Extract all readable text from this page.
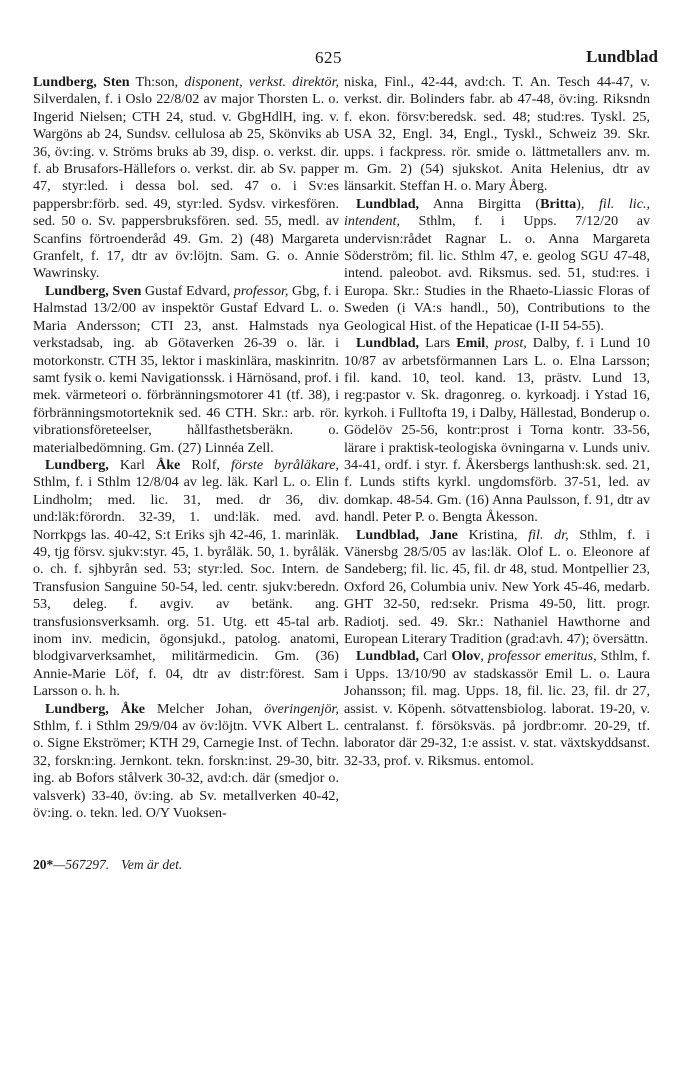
625	Lundblad

Lundberg, Sten Th:son, disponent, verkst. direktör, Silverdalen, f. i Oslo 22/8/02 av major Thorsten L. o. Ingerid Nielsen; CTH 24, stud. v. GbgHdlH, ing. v. Wargöns ab 24, Sundsv. cellulosa ab 25, Skönviks ab 36, öv:ing. v. Ströms bruks ab 39, disp. o. verkst. dir. f. ab Brusafors-Hällefors o. verkst. dir. ab Sv. papper 47, styr:led. i dessa bol. sed. 47 o. i Sv:es pappersbr:förb. sed. 49, styr:led. Sydsv. virkesfören. sed. 50 o. Sv. pappersbruksfören. sed. 55, medl. av Scanfins förtroenderåd 49. Gm. 2) (48) Margareta Granfelt, f. 17, dtr av öv:löjtn. Sam. G. o. Annie Wawrinsky.

Lundberg, Sven Gustaf Edvard, professor, Gbg, f. i Halmstad 13/2/00 av inspektör Gustaf Edvard L. o. Maria Andersson; CTI 23, anst. Halmstads nya verkstadsab, ing. ab Götaverken 26-39 o. lär. i motorkonstr. CTH 35, lektor i maskinlära, maskinritn. samt fysik o. kemi Navigationssk. i Härnösand, prof. i mek. värmeteori o. förbränningsmotorer 41 (tf. 38), i förbränningsmotorteknik sed. 46 CTH. Skr.: arb. rör. vibrationsföreteelser, hållfasthetsberäkn. o. materialbedömning. Gm. (27) Linnéa Zell.

Lundberg, Karl Åke Rolf, förste byråläkare, Sthlm, f. i Sthlm 12/8/04 av leg. läk. Karl L. o. Elin Lindholm; med. lic. 31, med. dr 36, div. und:läk:förordn. 32-39, 1. und:läk. med. avd. Norrkpgs las. 40-42, S:t Eriks sjh 42-46, 1. marinläk. 49, tjg försv. sjukv:styr. 45, 1. byråläk. 50, 1. byråläk. o. ch. f. sjhbyrån sed. 53; styr:led. Soc. Intern. de Transfusion Sanguine 50-54, led. centr. sjukv:beredn. 53, deleg. f. avgiv. av betänk. ang. transfusionsverksamh. org. 51. Utg. ett 45-tal arb. inom inv. medicin, ögonsjukd., patolog. anatomi, blodgivarverksamhet, militärmedicin. Gm. (36) Annie-Marie Löf, f. 04, dtr av distr:förest. Sam Larsson o. h. h.

Lundberg, Åke Melcher Johan, överingenjör, Sthlm, f. i Sthlm 29/9/04 av öv:löjtn. VVK Albert L. o. Signe Ekströmer; KTH 29, Carnegie Inst. of Techn. 32, forskn:ing. Jernkont. tekn. forskn:inst. 29-30, bitr. ing. ab Bofors stålverk 30-32, avd:ch. där (smedjor o. valsverk) 33-40, öv:ing. ab Sv. metallverken 40-42, öv:ing. o. tekn. led. O/Y Vuoksen-

niska, Finl., 42-44, avd:ch. T. An. Tesch 44-47, v. verkst. dir. Bolinders fabr. ab 47-48, öv:ing. Riksndn f. ekon. försv:beredsk. sed. 48; stud:res. Tyskl. 25, USA 32, Engl. 34, Engl., Tyskl., Schweiz 39. Skr. upps. i fackpress. rör. smide o. lättmetallers anv. m. m. Gm. 2) (54) sjukskot. Anita Helenius, dtr av länsarkit. Steffan H. o. Mary Åberg.

Lundblad, Anna Birgitta (Britta), fil. lic., intendent, Sthlm, f. i Upps. 7/12/20 av undervisn:rådet Ragnar L. o. Anna Margareta Söderström; fil. lic. Sthlm 47, e. geolog SGU 47-48, intend. paleobot. avd. Riksmus. sed. 51, stud:res. i Europa. Skr.: Studies in the Rhaeto-Liassic Floras of Sweden (i VA:s handl., 50), Contributions to the Geological Hist. of the Hepaticae (I-II 54-55).

Lundblad, Lars Emil, prost, Dalby, f. i Lund 10 10/87 av arbetsförmannen Lars L. o. Elna Larsson; fil. kand. 10, teol. kand. 13, prästv. Lund 13, reg:pastor v. Sk. dragonreg. o. kyrkoadj. i Ystad 16, kyrkoh. i Fulltofta 19, i Dalby, Hällestad, Bonderup o. Gödelöv 25-56, kontr:prost i Torna kontr. 33-56, lärare i praktisk-teologiska övningarna v. Lunds univ. 34-41, ordf. i styr. f. Åkersbergs lanthush:sk. sed. 21, f. Lunds stifts kyrkl. ungdomsförb. 37-51, led. av domkap. 48-54. Gm. (16) Anna Paulsson, f. 91, dtr av handl. Peter P. o. Bengta Åkesson.

Lundblad, Jane Kristina, fil. dr, Sthlm, f. i Vänersbg 28/5/05 av las:läk. Olof L. o. Eleonore af Sandeberg; fil. lic. 45, fil. dr 48, stud. Montpellier 23, Oxford 26, Columbia univ. New York 45-46, medarb. GHT 32-50, red:sekr. Prisma 49-50, litt. progr. Radiotj. sed. 49. Skr.: Nathaniel Hawthorne and European Literary Tradition (grad:avh. 47); översättn.

Lundblad, Carl Olov, professor emeritus, Sthlm, f. i Upps. 13/10/90 av stadskassör Emil L. o. Laura Johansson; fil. mag. Upps. 18, fil. lic. 23, fil. dr 27, assist. v. Köpenh. sötvattensbiolog. laborat. 19-20, v. centralanst. f. försöksväs. på jordbr:omr. 20-29, tf. laborator där 29-32, 1:e assist. v. stat. växtskyddsanst. 32-33, prof. v. Riksmus. entomol.

20*—567297. Vem är det.
